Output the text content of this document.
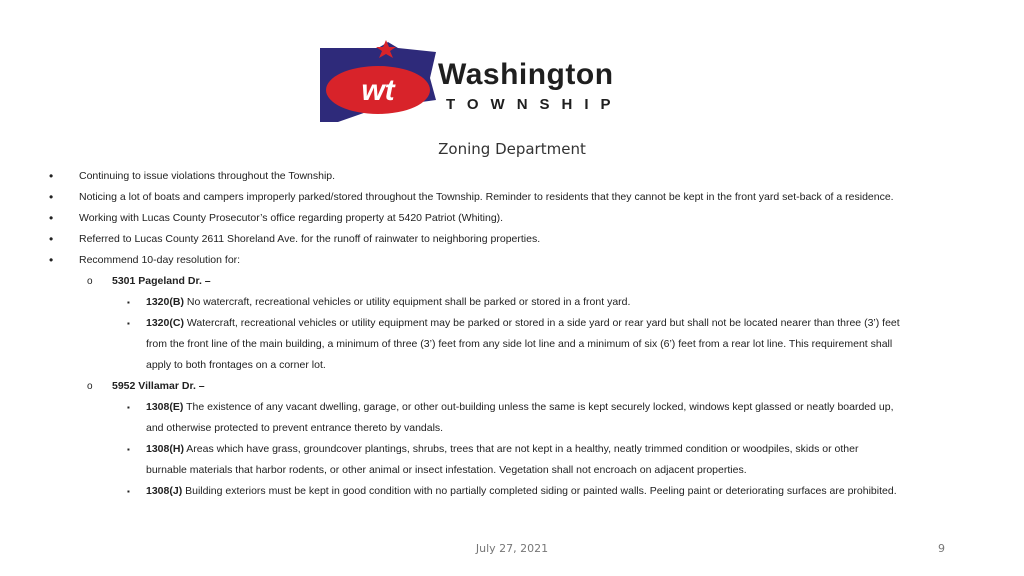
wt Washington
TOWNSHIP
Zoning Department
• Continuing to issue violations throughout the Township.
• Noticing a lot of boats and campers improperly parked/stored throughout the Township. Reminder to residents that they cannot be kept in the front yard set-back of a residence.
• Working with Lucas County Prosecutor’s office regarding property at 5420 Patriot (Whiting).
• Referred to Lucas County 2611 Shoreland Ave. for the runoff of rainwater to neighboring properties.
• Recommend 10-day resolution for:
o 5301 Pageland Dr. –
▪ 1320(B) No watercraft, recreational vehicles or utility equipment shall be parked or stored in a front yard.
▪ 1320(C) Watercraft, recreational vehicles or utility equipment may be parked or stored in a side yard or rear yard but shall not be located nearer than three (3’) feet
from the front line of the main building, a minimum of three (3’) feet from any side lot line and a minimum of six (6’) feet from a rear lot line. This requirement shall
apply to both frontages on a corner lot.
o 5952 Villamar Dr. –
▪ 1308(E) The existence of any vacant dwelling, garage, or other out-building unless the same is kept securely locked, windows kept glassed or neatly boarded up,
and otherwise protected to prevent entrance thereto by vandals.
▪ 1308(H) Areas which have grass, groundcover plantings, shrubs, trees that are not kept in a healthy, neatly trimmed condition or woodpiles, skids or other
burnable materials that harbor rodents, or other animal or insect infestation. Vegetation shall not encroach on adjacent properties.
▪ 1308(J) Building exteriors must be kept in good condition with no partially completed siding or painted walls. Peeling paint or deteriorating surfaces are prohibited.
July 27, 2021	9
